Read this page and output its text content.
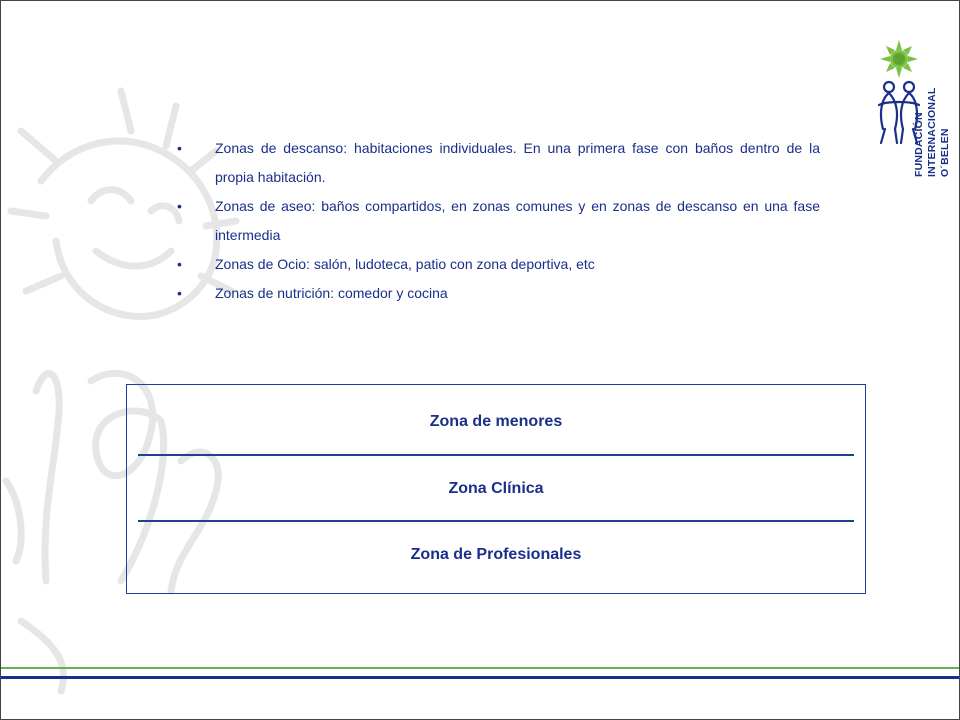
• Zonas de descanso: habitaciones individuales. En una primera fase con baños dentro de la propia habitación.
• Zonas de aseo: baños compartidos, en zonas comunes y en zonas de descanso en una fase intermedia
• Zonas de Ocio: salón, ludoteca, patio con zona deportiva, etc
• Zonas de nutrición: comedor y cocina
Zona de menores
Zona Clínica
Zona de Profesionales
FUNDACIÓN INTERNACIONAL O´BELEN
